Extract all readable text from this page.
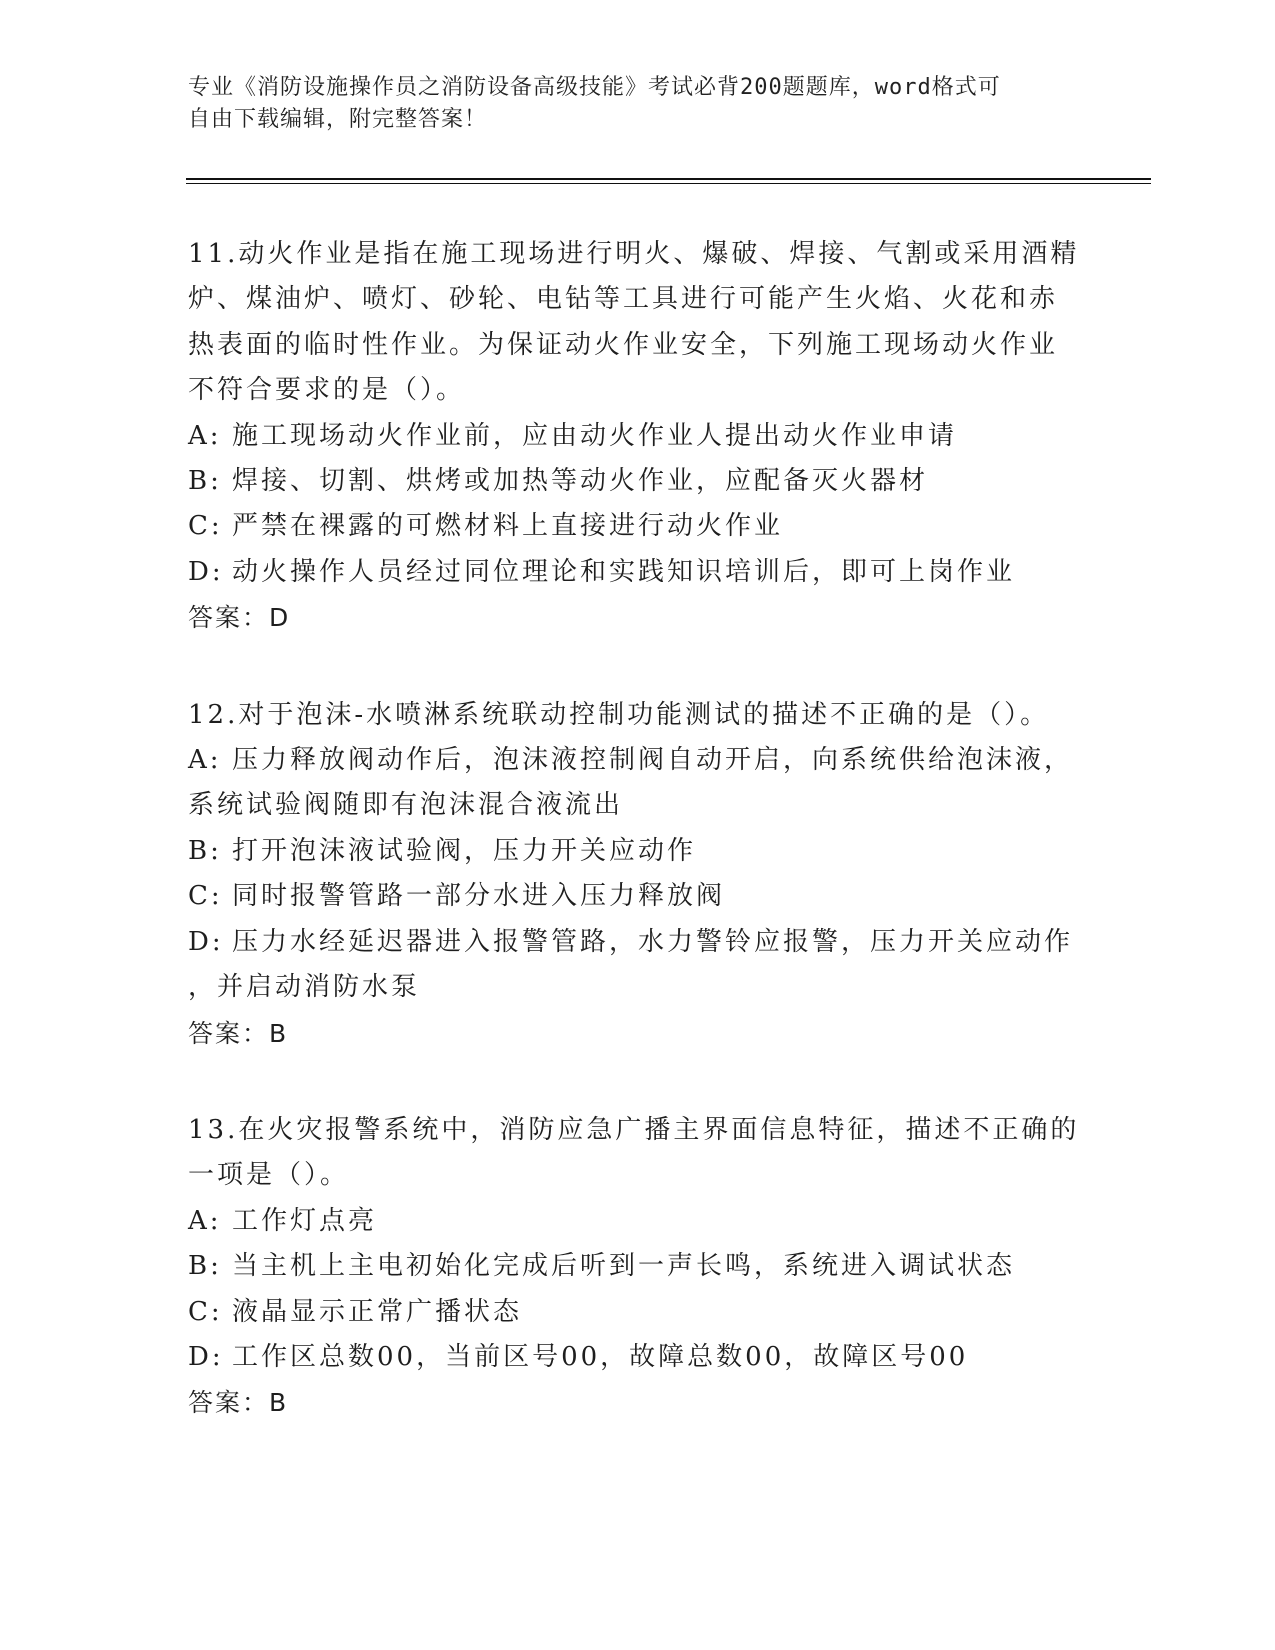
专业《消防设施操作员之消防设备高级技能》考试必背200题题库，word格式可
自由下载编辑，附完整答案！
11.动火作业是指在施工现场进行明火、爆破、焊接、气割或采用酒精
炉、煤油炉、喷灯、砂轮、电钻等工具进行可能产生火焰、火花和赤
热表面的临时性作业。为保证动火作业安全，下列施工现场动火作业
不符合要求的是（）。
A: 施工现场动火作业前，应由动火作业人提出动火作业申请
B: 焊接、切割、烘烤或加热等动火作业，应配备灭火器材
C: 严禁在裸露的可燃材料上直接进行动火作业
D: 动火操作人员经过同位理论和实践知识培训后，即可上岗作业
答案：D
12.对于泡沫-水喷淋系统联动控制功能测试的描述不正确的是（）。
A: 压力释放阀动作后，泡沫液控制阀自动开启，向系统供给泡沫液，
系统试验阀随即有泡沫混合液流出
B: 打开泡沫液试验阀，压力开关应动作
C: 同时报警管路一部分水进入压力释放阀
D: 压力水经延迟器进入报警管路，水力警铃应报警，压力开关应动作
，并启动消防水泵
答案：B
13.在火灾报警系统中，消防应急广播主界面信息特征，描述不正确的
一项是（）。
A: 工作灯点亮
B: 当主机上主电初始化完成后听到一声长鸣，系统进入调试状态
C: 液晶显示正常广播状态
D: 工作区总数00，当前区号00，故障总数00，故障区号00
答案：B
